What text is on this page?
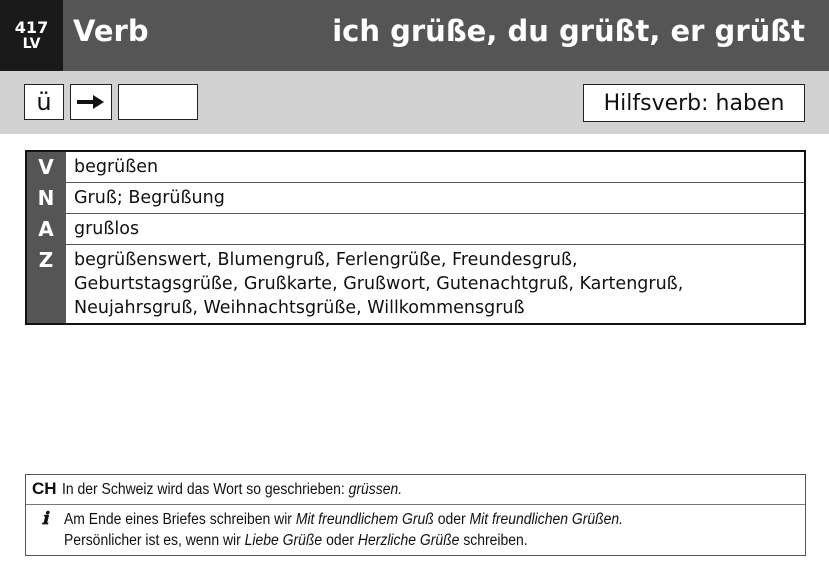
417
LV Verb	ich grüße, du grüßt, er grüßt
ü	Hilfsverb: haben
V	begrüßen
N	Gruß; Begrüßung
A	grußlos
Z	begrüßenswert, Blumengruß, Ferlengrüße, Freundesgruß,
Geburtstagsgrüße, Grußkarte, Grußwort, Gutenachtgruß, Kartengruß,
Neujahrsgruß, Weihnachtsgrüße, Willkommensgruß
CH In der Schweiz wird das Wort so geschrieben: grüssen.
ℹ	Am Ende eines Briefes schreiben wir Mit freundlichem Gruß oder Mit freundlichen Grüßen.
Persönlicher ist es, wenn wir Liebe Grüße oder Herzliche Grüße schreiben.
